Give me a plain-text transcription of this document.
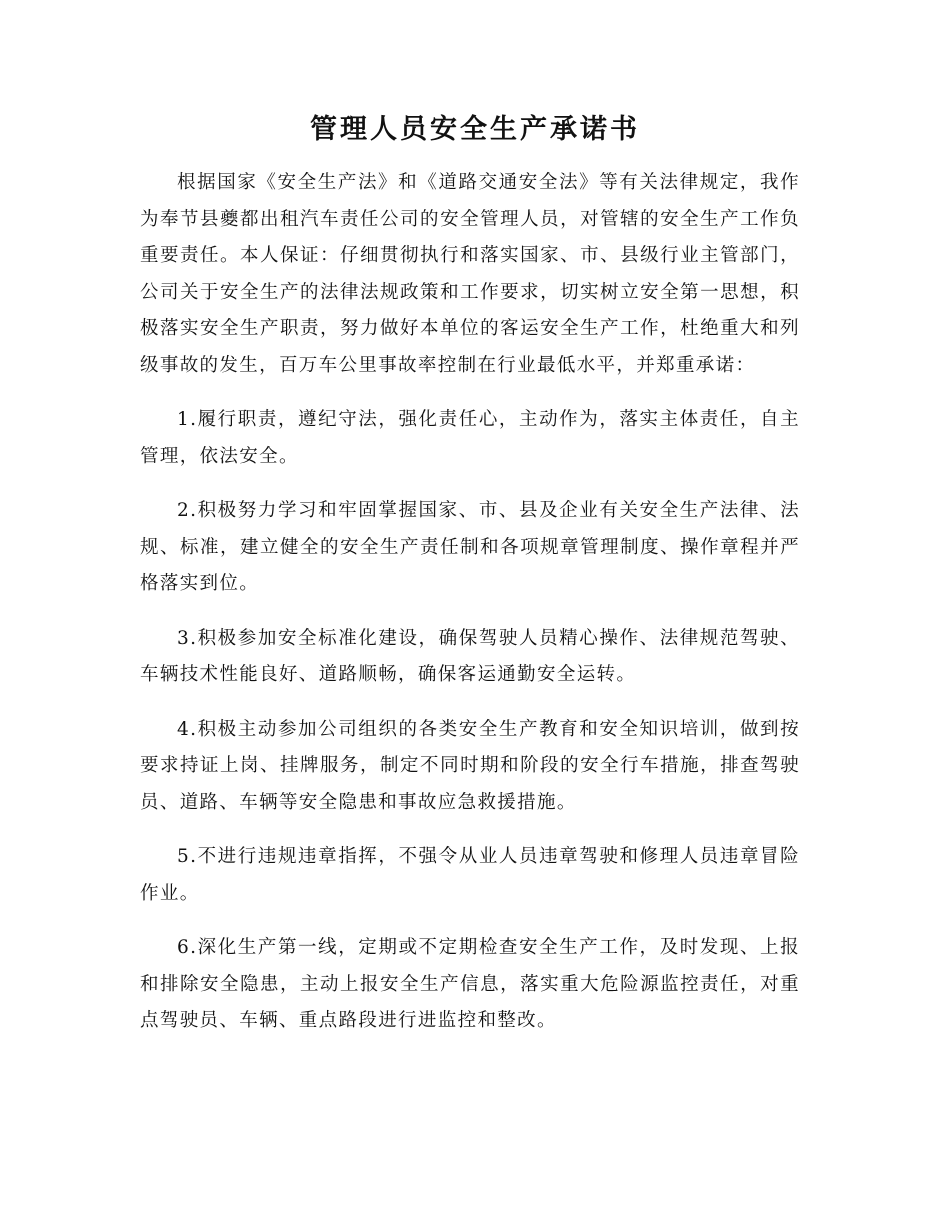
管理人员安全生产承诺书

根据国家《安全生产法》和《道路交通安全法》等有关法律规定，我作为奉节县夔都出租汽车责任公司的安全管理人员，对管辖的安全生产工作负重要责任。本人保证：仔细贯彻执行和落实国家、市、县级行业主管部门，公司关于安全生产的法律法规政策和工作要求，切实树立安全第一思想，积极落实安全生产职责，努力做好本单位的客运安全生产工作，杜绝重大和列级事故的发生，百万车公里事故率控制在行业最低水平，并郑重承诺：

1.履行职责，遵纪守法，强化责任心，主动作为，落实主体责任，自主管理，依法安全。

2.积极努力学习和牢固掌握国家、市、县及企业有关安全生产法律、法规、标准，建立健全的安全生产责任制和各项规章管理制度、操作章程并严格落实到位。

3.积极参加安全标准化建设，确保驾驶人员精心操作、法律规范驾驶、车辆技术性能良好、道路顺畅，确保客运通勤安全运转。

4.积极主动参加公司组织的各类安全生产教育和安全知识培训，做到按要求持证上岗、挂牌服务，制定不同时期和阶段的安全行车措施，排查驾驶员、道路、车辆等安全隐患和事故应急救援措施。

5.不进行违规违章指挥，不强令从业人员违章驾驶和修理人员违章冒险作业。

6.深化生产第一线，定期或不定期检查安全生产工作，及时发现、上报和排除安全隐患，主动上报安全生产信息，落实重大危险源监控责任，对重点驾驶员、车辆、重点路段进行进监控和整改。
